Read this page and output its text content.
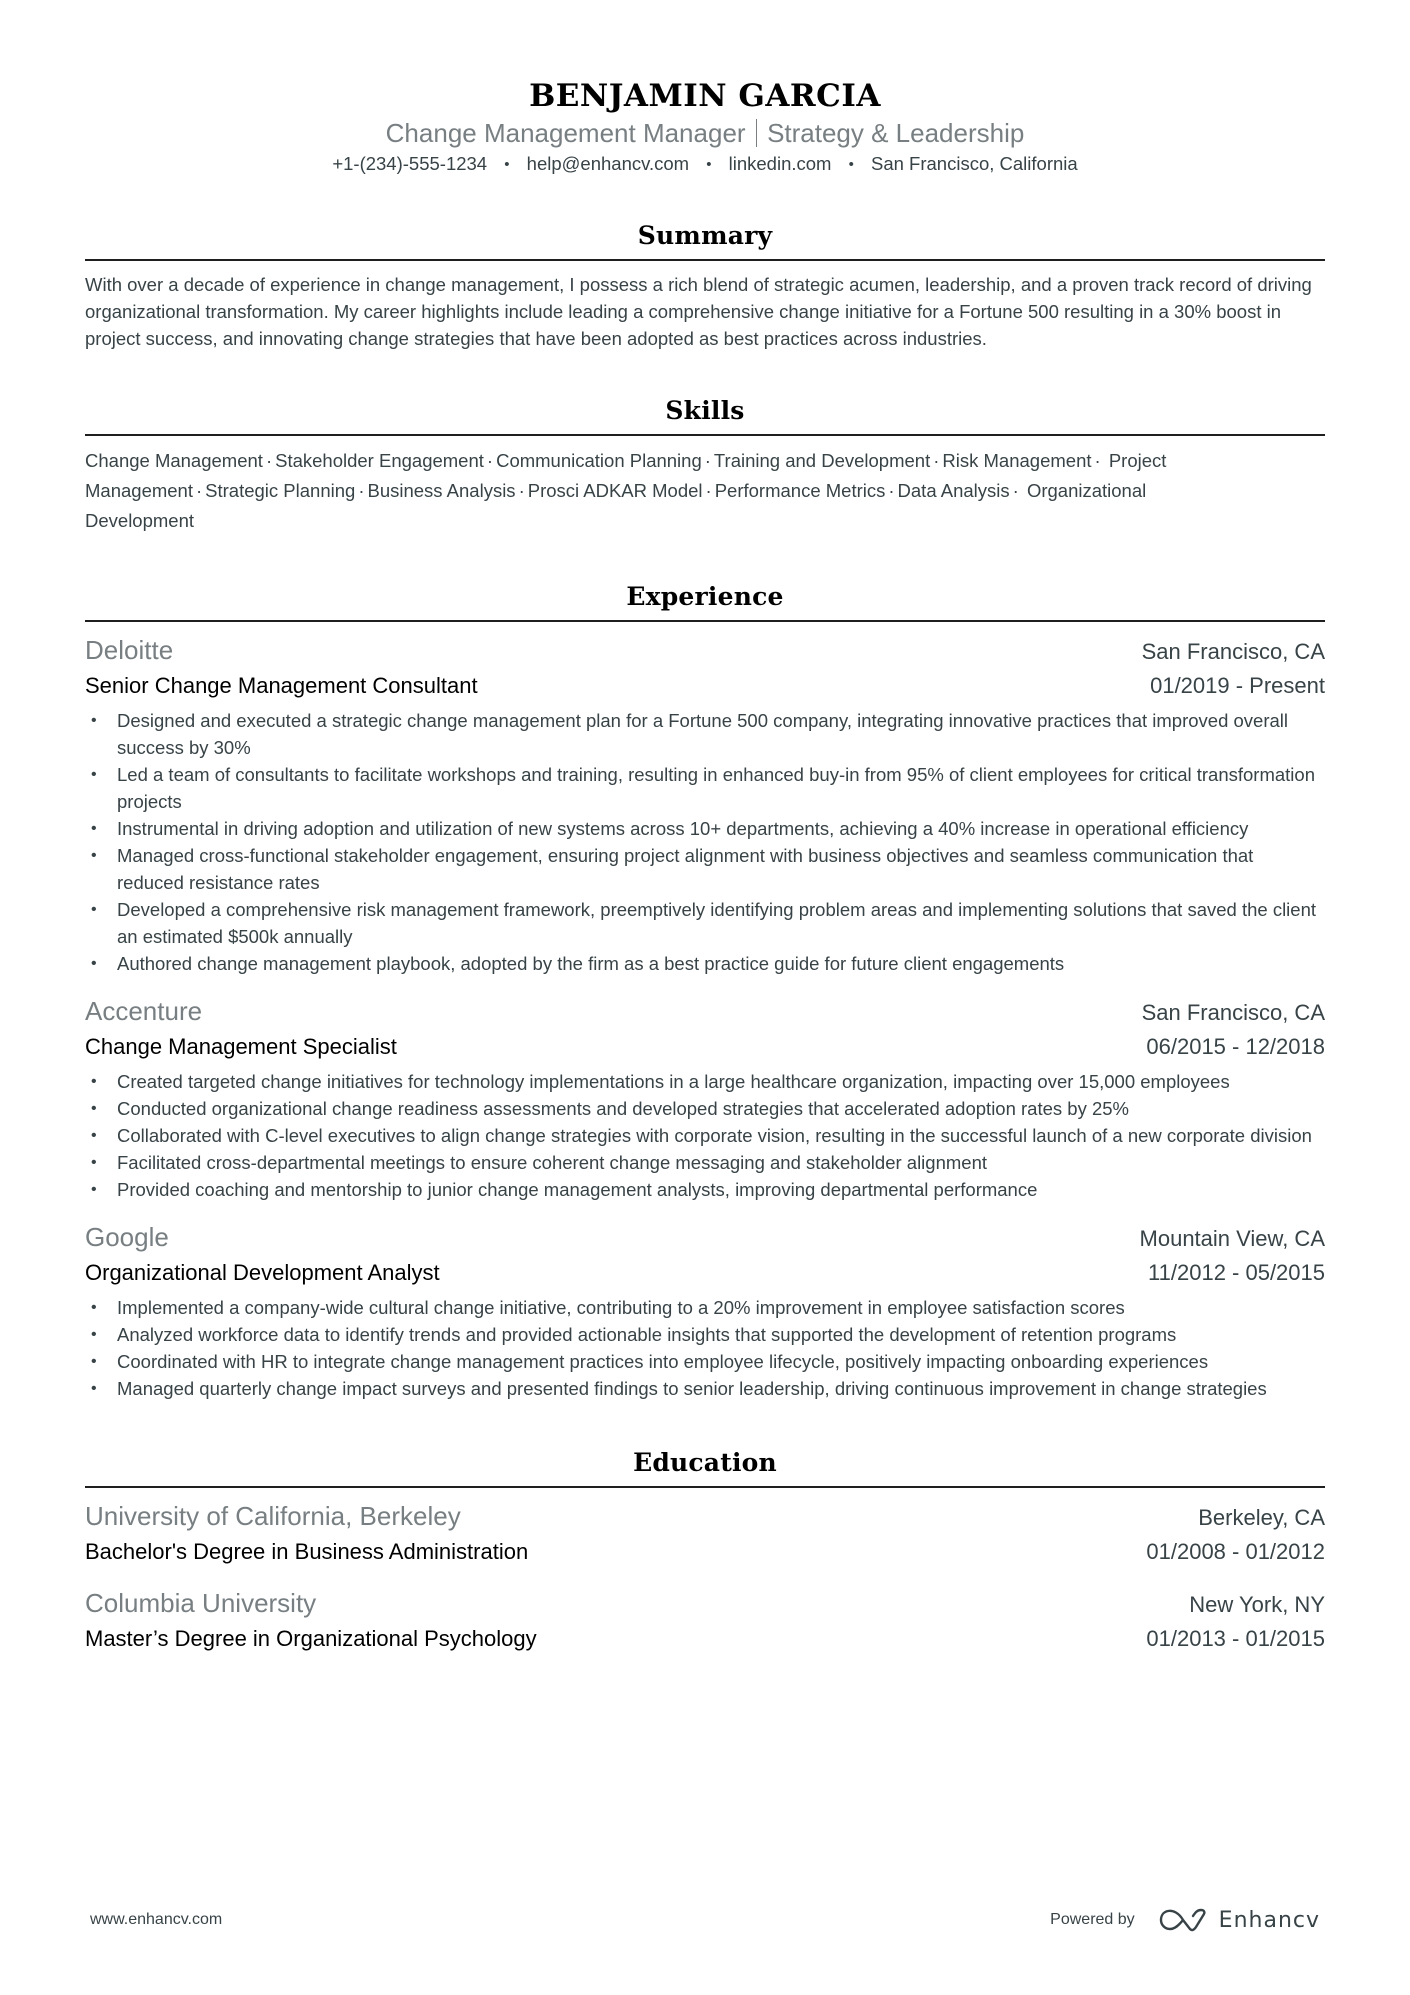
BENJAMIN GARCIA
Change Management Manager Strategy & Leadership
+1-(234)-555-1234 • help@enhancv.com • linkedin.com • San Francisco, California
Summary

With over a decade of experience in change management, I possess a rich blend of strategic acumen, leadership, and a proven track record of driving organizational transformation. My career highlights include leading a comprehensive change initiative for a Fortune 500 resulting in a 30% boost in project success, and innovating change strategies that have been adopted as best practices across industries.

Skills
Change Management · Stakeholder Engagement · Communication Planning · Training and Development · Risk Management · Project Management · Strategic Planning · Business Analysis · Prosci ADKAR Model · Performance Metrics · Data Analysis · Organizational Development
Experience
Deloitte	San Francisco, CA
Senior Change Management Consultant	01/2019 - Present
• Designed and executed a strategic change management plan for a Fortune 500 company, integrating innovative practices that improved overall success by 30%
• Led a team of consultants to facilitate workshops and training, resulting in enhanced buy-in from 95% of client employees for critical transformation projects
• Instrumental in driving adoption and utilization of new systems across 10+ departments, achieving a 40% increase in operational efficiency
• Managed cross-functional stakeholder engagement, ensuring project alignment with business objectives and seamless communication that reduced resistance rates
• Developed a comprehensive risk management framework, preemptively identifying problem areas and implementing solutions that saved the client an estimated $500k annually
• Authored change management playbook, adopted by the firm as a best practice guide for future client engagements
Accenture	San Francisco, CA
Change Management Specialist	06/2015 - 12/2018
• Created targeted change initiatives for technology implementations in a large healthcare organization, impacting over 15,000 employees
• Conducted organizational change readiness assessments and developed strategies that accelerated adoption rates by 25%
• Collaborated with C-level executives to align change strategies with corporate vision, resulting in the successful launch of a new corporate division
• Facilitated cross-departmental meetings to ensure coherent change messaging and stakeholder alignment
• Provided coaching and mentorship to junior change management analysts, improving departmental performance
Google	Mountain View, CA
Organizational Development Analyst	11/2012 - 05/2015
• Implemented a company-wide cultural change initiative, contributing to a 20% improvement in employee satisfaction scores
• Analyzed workforce data to identify trends and provided actionable insights that supported the development of retention programs
• Coordinated with HR to integrate change management practices into employee lifecycle, positively impacting onboarding experiences
• Managed quarterly change impact surveys and presented findings to senior leadership, driving continuous improvement in change strategies
Education
University of California, Berkeley	Berkeley, CA
Bachelor's Degree in Business Administration	01/2008 - 01/2012
Columbia University	New York, NY
Master’s Degree in Organizational Psychology	01/2013 - 01/2015
www.enhancv.com	Powered by	Enhancv
